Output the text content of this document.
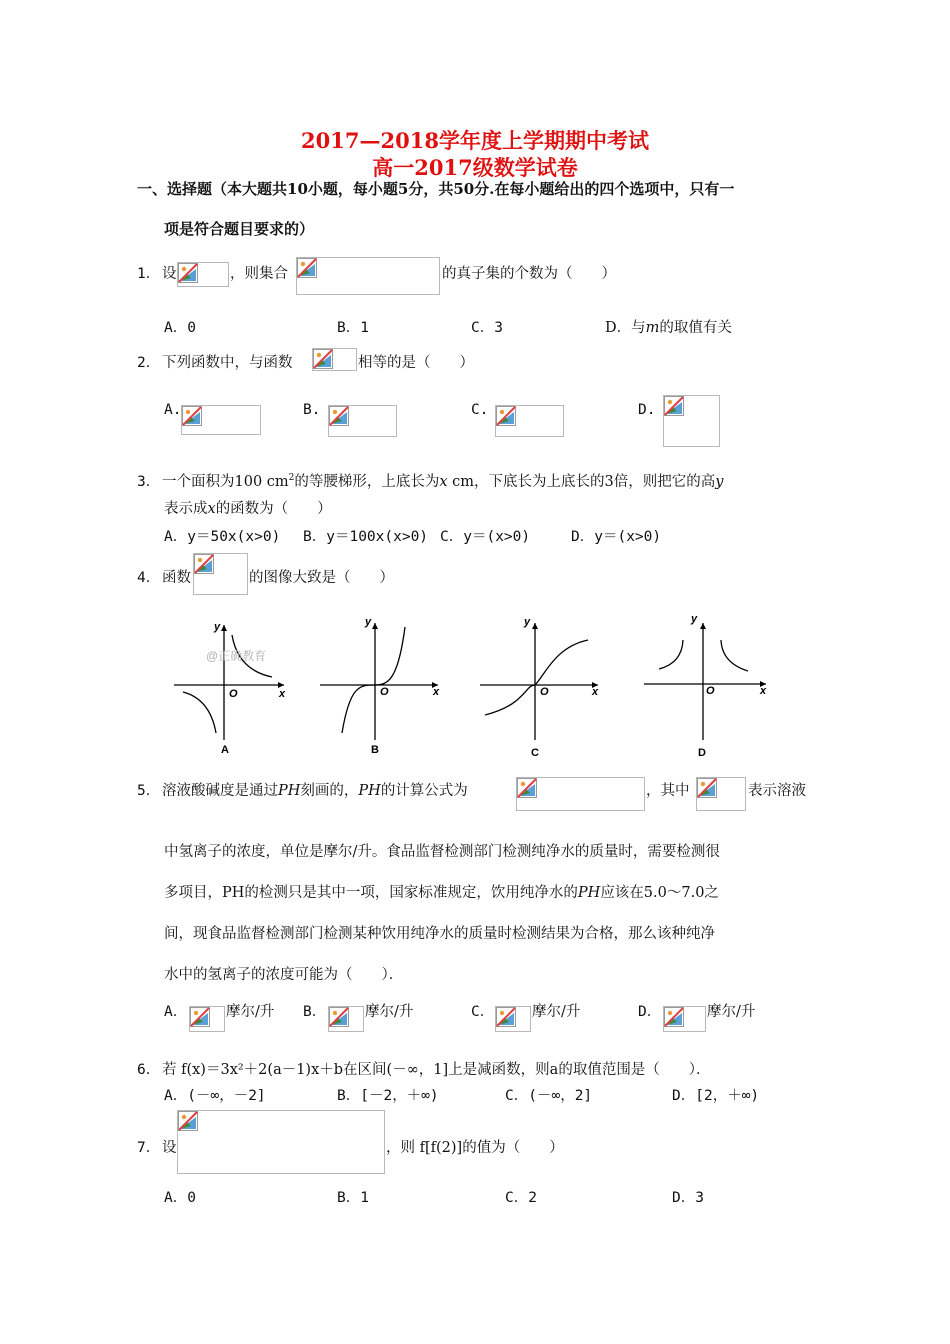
2017—2018学年度上学期期中考试
高一2017级数学试卷
一、选择题（本大题共10小题，每小题5分，共50分.在每小题给出的四个选项中，只有一
项是符合题目要求的）
1． 设	，则集合	的真子集的个数为（　　）
A．0	B．1	C．3	D．与m的取值有关
2． 下列函数中，与函数	相等的是（　　）
A.	B.	C.	D.
3． 一个面积为100 $cm^2$的等腰梯形，上底长为x cm，下底长为上底长的3倍，则把它的高y
表示成x的函数为（　　）
A．y＝50x(x>0) B．y＝100x(x>0) C．y＝(x>0)	D．y＝(x>0)
4． 函数	的图像大致是（　　）
y
x
O
y
x
O
y
x
O
y
x
O
A	B	C	D
@正确教育
5． 溶液酸碱度是通过PH刻画的，PH的计算公式为	，其中	表示溶液
中氢离子的浓度，单位是摩尔/升。食品监督检测部门检测纯净水的质量时，需要检测很
多项目，PH的检测只是其中一项，国家标准规定，饮用纯净水的PH应该在5.0～7.0之
间，现食品监督检测部门检测某种饮用纯净水的质量时检测结果为合格，那么该种纯净
水中的氢离子的浓度可能为（　　）．
A．	摩尔/升 B．	摩尔/升	C．	摩尔/升	D．	摩尔/升
6． 若 f(x)＝3x²＋2(a－1)x＋b在区间(－∞，1]上是减函数，则a的取值范围是（　　）．
A．(－∞，－2]	B．[－2，＋∞)	C．(－∞，2]	D．[2，＋∞)
7． 设	，则 f[f(2)]的值为（　　）
A．0	B．1	C．2	D．3
